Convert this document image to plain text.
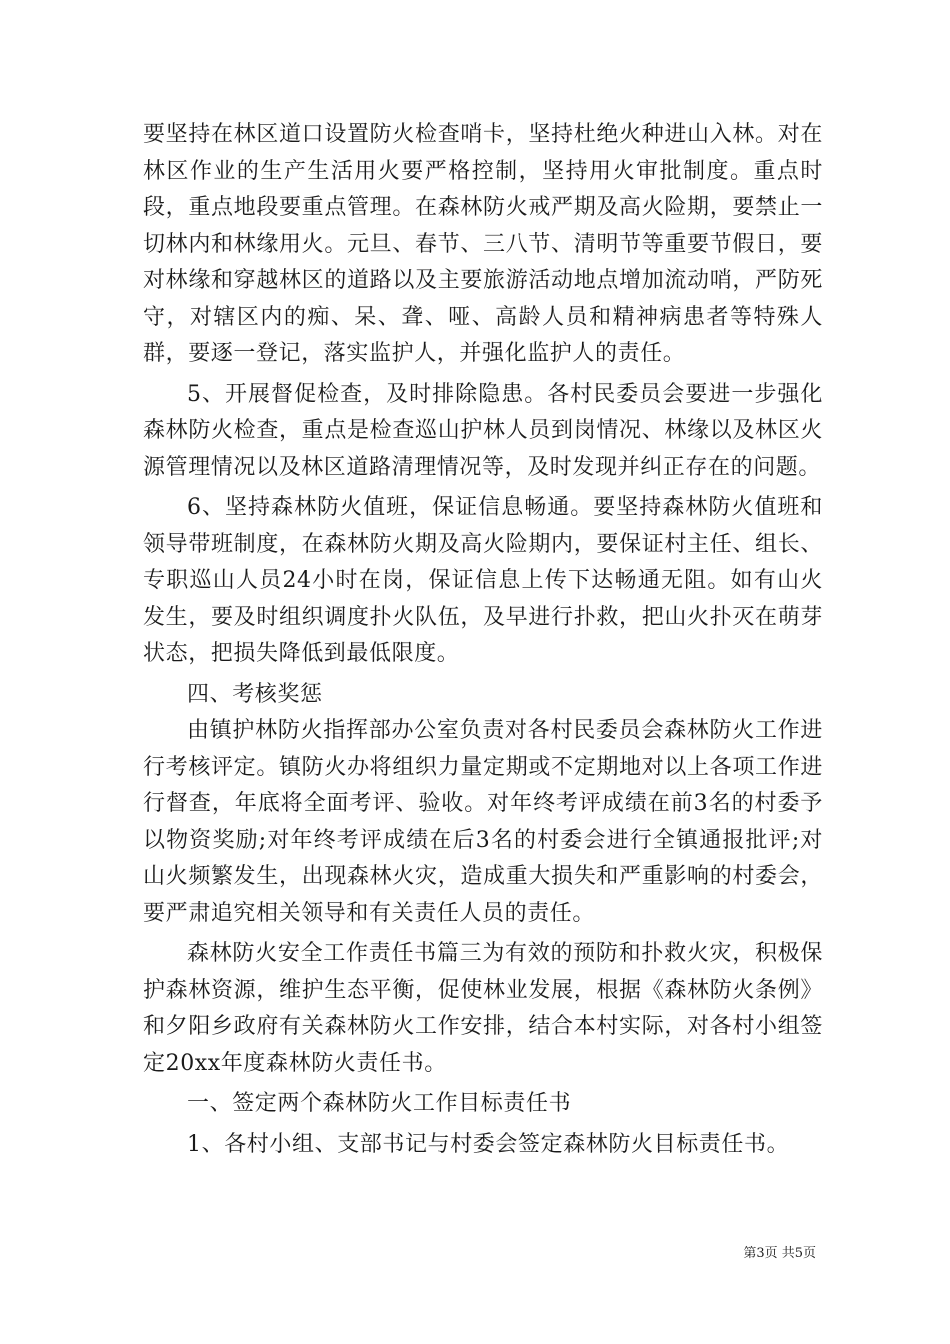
要坚持在林区道口设置防火检查哨卡，坚持杜绝火种进山入林。对在林区作业的生产生活用火要严格控制，坚持用火审批制度。重点时段，重点地段要重点管理。在森林防火戒严期及高火险期，要禁止一切林内和林缘用火。元旦、春节、三八节、清明节等重要节假日，要对林缘和穿越林区的道路以及主要旅游活动地点增加流动哨，严防死守，对辖区内的痴、呆、聋、哑、高龄人员和精神病患者等特殊人群，要逐一登记，落实监护人，并强化监护人的责任。

5、开展督促检查，及时排除隐患。各村民委员会要进一步强化森林防火检查，重点是检查巡山护林人员到岗情况、林缘以及林区火源管理情况以及林区道路清理情况等，及时发现并纠正存在的问题。

6、坚持森林防火值班，保证信息畅通。要坚持森林防火值班和领导带班制度，在森林防火期及高火险期内，要保证村主任、组长、专职巡山人员24小时在岗，保证信息上传下达畅通无阻。如有山火发生，要及时组织调度扑火队伍，及早进行扑救，把山火扑灭在萌芽状态，把损失降低到最低限度。

四、考核奖惩

由镇护林防火指挥部办公室负责对各村民委员会森林防火工作进行考核评定。镇防火办将组织力量定期或不定期地对以上各项工作进行督查，年底将全面考评、验收。对年终考评成绩在前3名的村委予以物资奖励;对年终考评成绩在后3名的村委会进行全镇通报批评;对山火频繁发生，出现森林火灾，造成重大损失和严重影响的村委会，要严肃追究相关领导和有关责任人员的责任。

森林防火安全工作责任书篇三为有效的预防和扑救火灾，积极保护森林资源，维护生态平衡，促使林业发展，根据《森林防火条例》和夕阳乡政府有关森林防火工作安排，结合本村实际，对各村小组签定20xx年度森林防火责任书。

一、签定两个森林防火工作目标责任书

1、各村小组、支部书记与村委会签定森林防火目标责任书。

第3页 共5页
